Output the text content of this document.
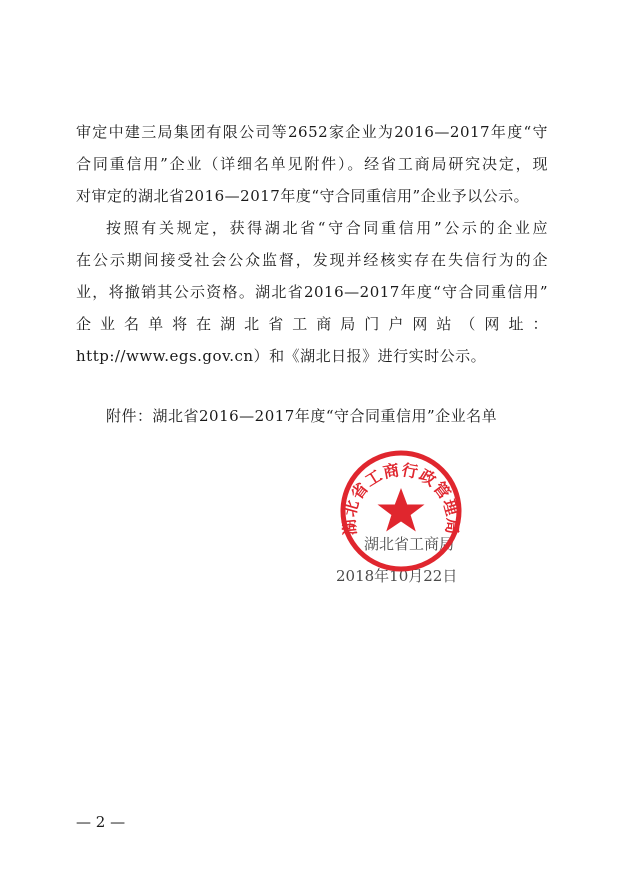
审定中建三局集团有限公司等2652家企业为2016—2017年度“守
合同重信用”企业（详细名单见附件）。经省工商局研究决定，现
对审定的湖北省2016—2017年度“守合同重信用”企业予以公示。
按照有关规定，获得湖北省“守合同重信用”公示的企业应
在公示期间接受社会公众监督，发现并经核实存在失信行为的企
业，将撤销其公示资格。湖北省2016—2017年度“守合同重信用”
企业名单将在湖北省工商局门户网站（网址：
http://www.egs.gov.cn）和《湖北日报》进行实时公示。
附件：湖北省2016—2017年度“守合同重信用”企业名单
湖北省工商局
2018年10月22日
湖北省工商行政管理局
— 2 —
